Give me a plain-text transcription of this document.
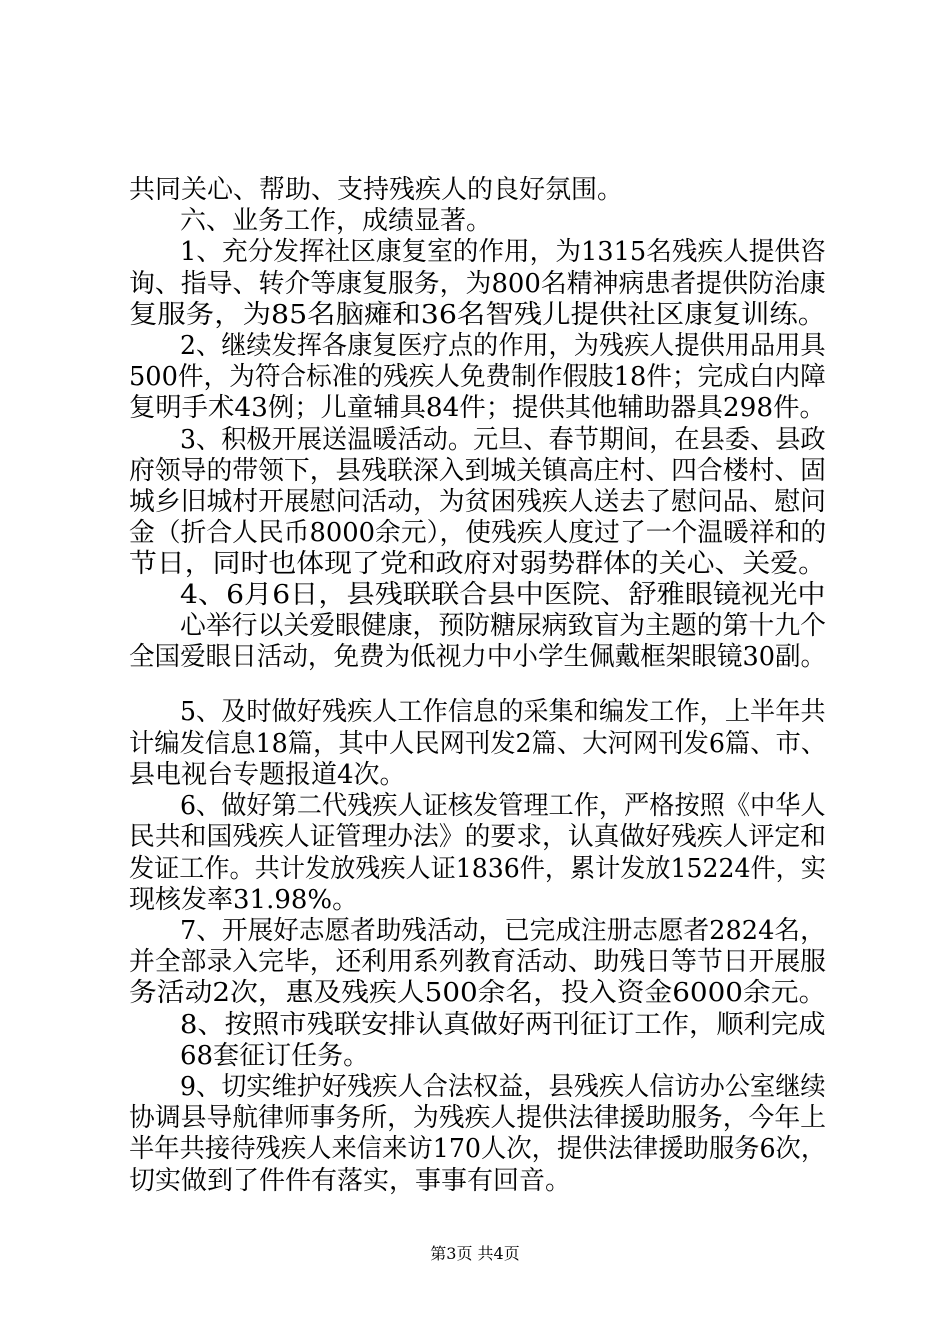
共同关心、帮助、支持残疾人的良好氛围。
六、业务工作，成绩显著。
1、充分发挥社区康复室的作用，为1315名残疾人提供咨
询、指导、转介等康复服务，为800名精神病患者提供防治康
复服务，为85名脑瘫和36名智残儿提供社区康复训练。
2、继续发挥各康复医疗点的作用，为残疾人提供用品用具
500件，为符合标准的残疾人免费制作假肢18件；完成白内障
复明手术43例；儿童辅具84件；提供其他辅助器具298件。
3、积极开展送温暖活动。元旦、春节期间，在县委、县政
府领导的带领下，县残联深入到城关镇高庄村、四合楼村、固
城乡旧城村开展慰问活动，为贫困残疾人送去了慰问品、慰问
金（折合人民币8000余元），使残疾人度过了一个温暖祥和的
节日，同时也体现了党和政府对弱势群体的关心、关爱。
4、6月6日，县残联联合县中医院、舒雅眼镜视光中
心举行以关爱眼健康，预防糖尿病致盲为主题的第十九个
全国爱眼日活动，免费为低视力中小学生佩戴框架眼镜30副。
5、及时做好残疾人工作信息的采集和编发工作，上半年共
计编发信息18篇，其中人民网刊发2篇、大河网刊发6篇、市、
县电视台专题报道4次。
6、做好第二代残疾人证核发管理工作，严格按照《中华人
民共和国残疾人证管理办法》的要求，认真做好残疾人评定和
发证工作。共计发放残疾人证1836件，累计发放15224件，实
现核发率31.98%。
7、开展好志愿者助残活动，已完成注册志愿者2824名，
并全部录入完毕，还利用系列教育活动、助残日等节日开展服
务活动2次，惠及残疾人500余名，投入资金6000余元。
8、按照市残联安排认真做好两刊征订工作，顺利完成
68套征订任务。
9、切实维护好残疾人合法权益，县残疾人信访办公室继续
协调县导航律师事务所，为残疾人提供法律援助服务，今年上
半年共接待残疾人来信来访170人次，提供法律援助服务6次，
切实做到了件件有落实，事事有回音。
第3页 共4页
